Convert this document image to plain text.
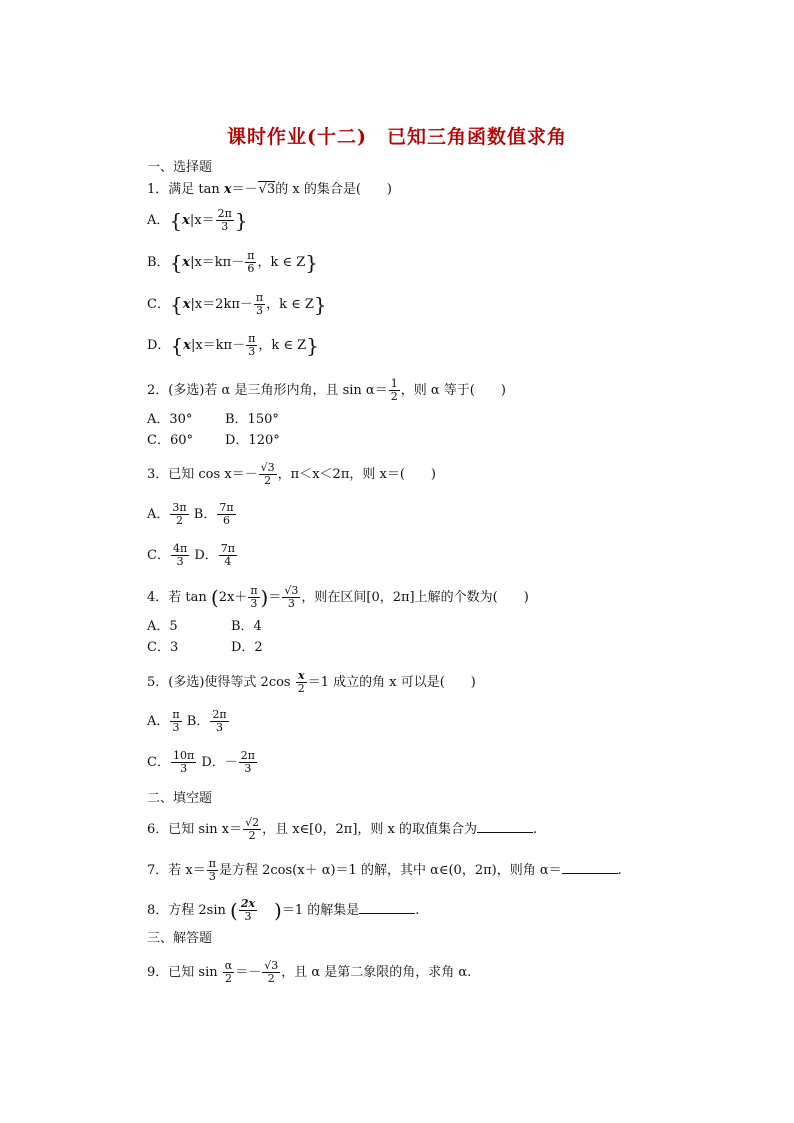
课时作业(十二)　已知三角函数值求角
一、选择题
1．满足 tan x＝－√3的 x 的集合是(　　)
A．{$x|x= \frac{2\pi}{3}$ }
B．{$x|x=k\pi- \frac{\pi}{6}$ ，k ∈ Z}
C．{$x|x=2k\pi- \frac{\pi}{3}$ ，k ∈ Z}
D．{$x|x=k\pi- \frac{\pi}{3}$ ，k ∈ Z}
2．(多选)若 α 是三角形内角，且 $\sin \alpha= \frac{1}{2}$ ，则 α 等于(　　)
A．30°	B．150°
C．60° D．120°
3．已知 $\cos x=- \frac{√3}{2}$ ，π＜x＜2π，则 x＝(　　)
A． $\frac{3\pi}{2}$ B． $\frac{7\pi}{6}$
C． $\frac{4\pi}{3}$ D． $\frac{7\pi}{4}$
4．若 $\tan (2x+ \frac{\pi}{3}$ )＝ $\frac{√3}{3}$ ，则在区间[0，2π]上解的个数为(　　)
A．5	B．4
C．3	D．2
5．(多选)使得等式 $2\cos \frac{x}{2} =1$ 成立的角 x 可以是(　　)
A． $\frac{\pi}{3}$ B． $\frac{2\pi}{3}$
C． $\frac{10\pi}{3}$ D．－ $\frac{2\pi}{3}$
二、填空题
6．已知 $\sin x= \frac{√2}{2}$ ，且 x∈[0，2π]，则 x 的取值集合为	.
7．若 $x= \frac{\pi}{3}$ 是方程 2cos(x＋ α)＝1 的解，其中 α∈(0，2π)，则角 α＝	.
8．方程 2sin ( $\frac{2x}{3} )=1$ 的解集是	.
三、解答题
9．已知 $\sin \frac{\alpha}{2} =- \frac{√3}{2}$ ，且 α 是第二象限的角，求角 α.
